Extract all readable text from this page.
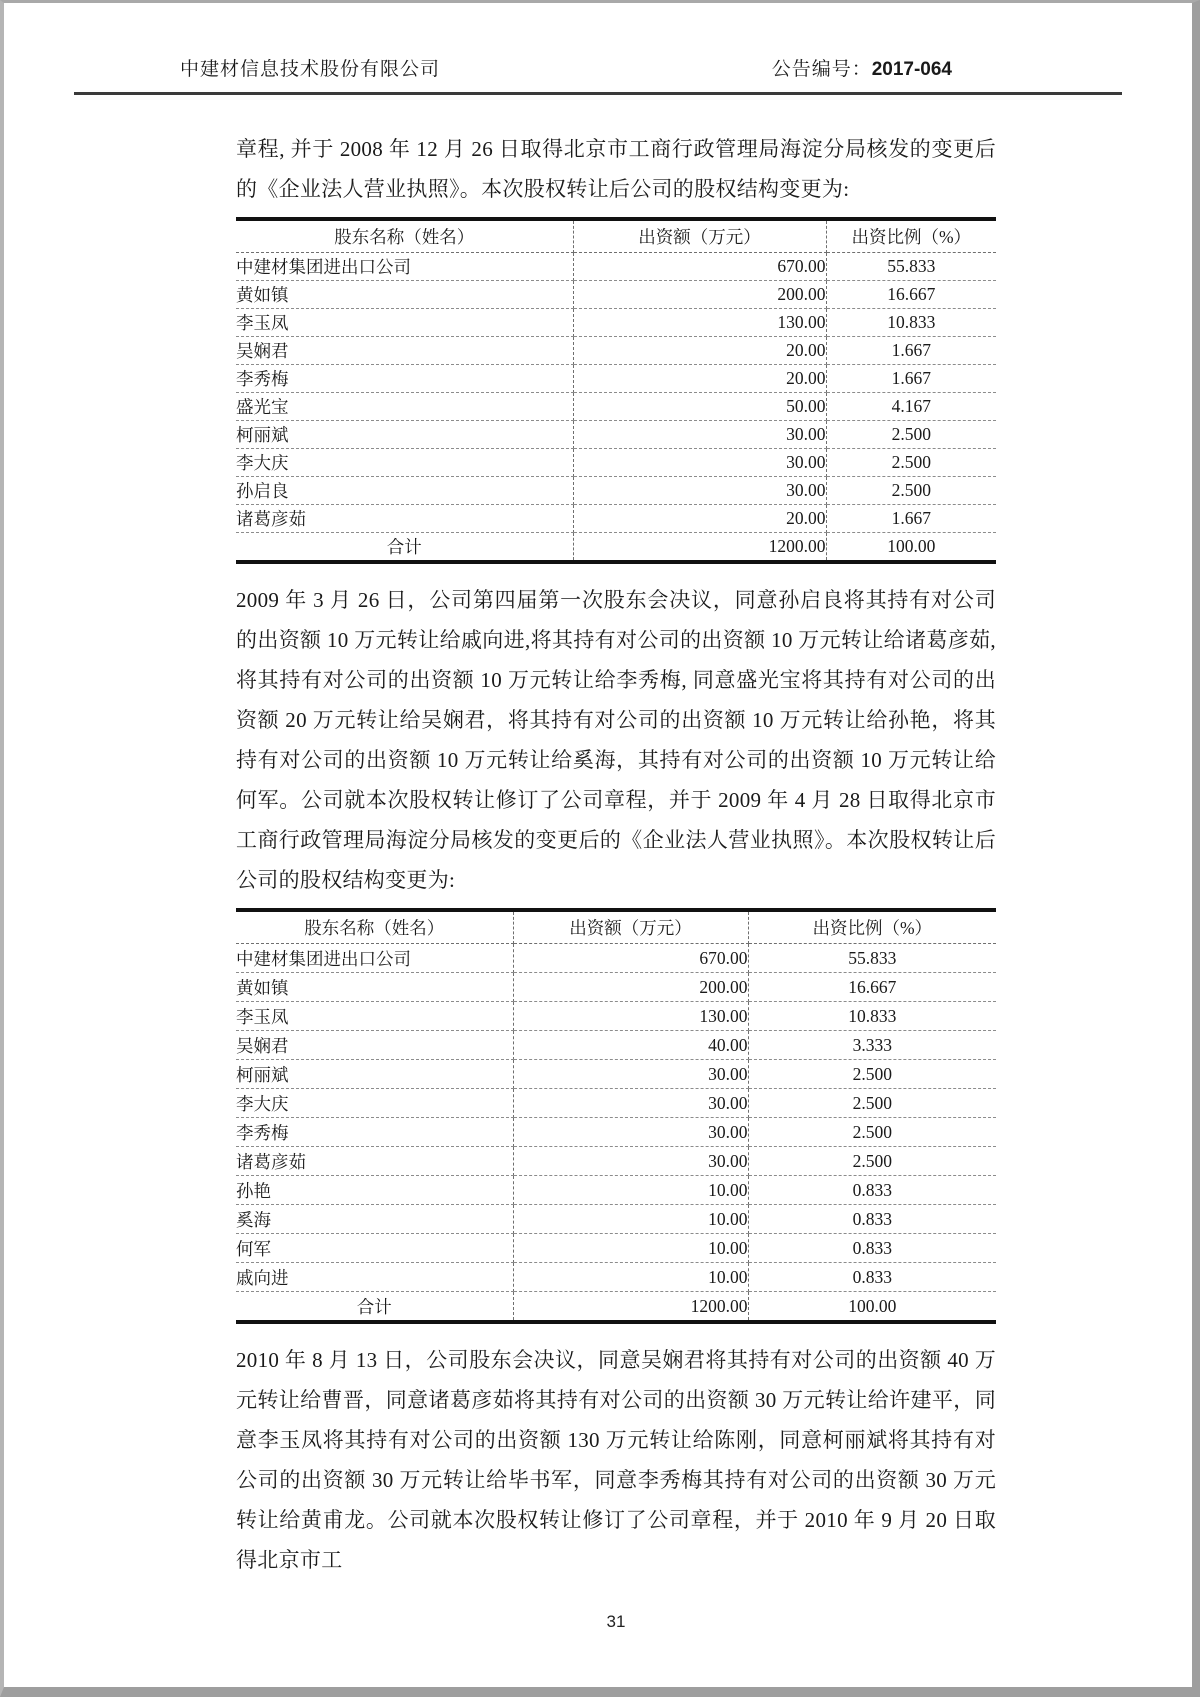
中建材信息技术股份有限公司	公告编号：2017-064

章程, 并于 2008 年 12 月 26 日取得北京市工商行政管理局海淀分局核发的变更后的《企业法人营业执照》。本次股权转让后公司的股权结构变更为:

股东名称（姓名）	出资额（万元）	出资比例（%）
中建材集团进出口公司	670.00	55.833
黄如镇	200.00	16.667
李玉凤	130.00	10.833
吴娴君	20.00	1.667
李秀梅	20.00	1.667
盛光宝	50.00	4.167
柯丽斌	30.00	2.500
李大庆	30.00	2.500
孙启良	30.00	2.500
诸葛彦茹	20.00	1.667
合计	1200.00	100.00

2009 年 3 月 26 日，公司第四届第一次股东会决议，同意孙启良将其持有对公司的出资额 10 万元转让给戚向进,将其持有对公司的出资额 10 万元转让给诸葛彦茹, 将其持有对公司的出资额 10 万元转让给李秀梅, 同意盛光宝将其持有对公司的出资额 20 万元转让给吴娴君，将其持有对公司的出资额 10 万元转让给孙艳，将其持有对公司的出资额 10 万元转让给奚海，其持有对公司的出资额 10 万元转让给何军。公司就本次股权转让修订了公司章程，并于 2009 年 4 月 28 日取得北京市工商行政管理局海淀分局核发的变更后的《企业法人营业执照》。本次股权转让后公司的股权结构变更为:

股东名称（姓名）	出资额（万元）	出资比例（%）
中建材集团进出口公司	670.00	55.833
黄如镇	200.00	16.667
李玉凤	130.00	10.833
吴娴君	40.00	3.333
柯丽斌	30.00	2.500
李大庆	30.00	2.500
李秀梅	30.00	2.500
诸葛彦茹	30.00	2.500
孙艳	10.00	0.833
奚海	10.00	0.833
何军	10.00	0.833
戚向进	10.00	0.833
合计	1200.00	100.00

2010 年 8 月 13 日，公司股东会决议，同意吴娴君将其持有对公司的出资额 40 万元转让给曹晋，同意诸葛彦茹将其持有对公司的出资额 30 万元转让给许建平，同意李玉凤将其持有对公司的出资额 130 万元转让给陈刚，同意柯丽斌将其持有对公司的出资额 30 万元转让给毕书军，同意李秀梅其持有对公司的出资额 30 万元转让给黄甫龙。公司就本次股权转让修订了公司章程，并于 2010 年 9 月 20 日取得北京市工

31
